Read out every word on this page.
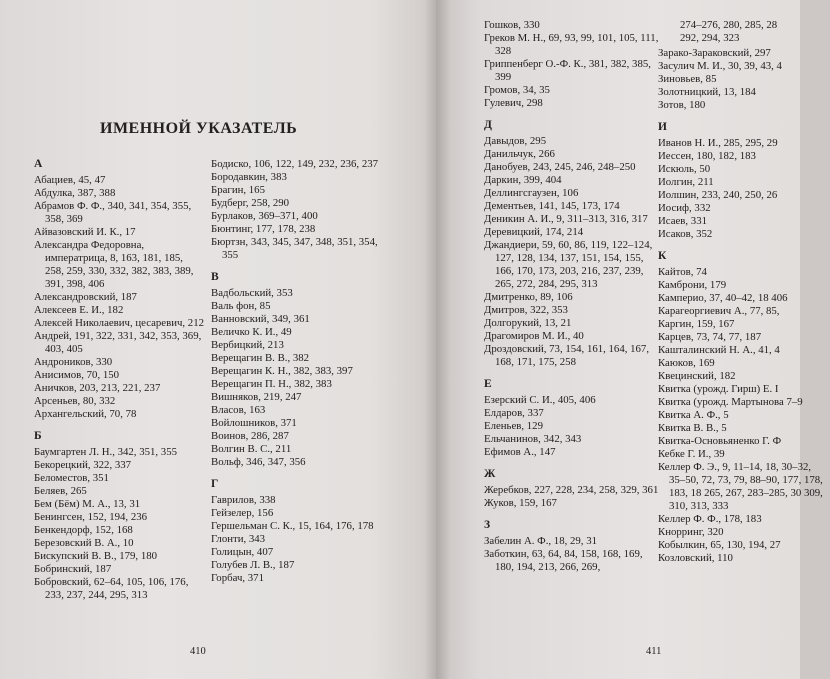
ИМЕННОЙ УКАЗАТЕЛЬ
А
Абациев, 45, 47
Абдулка, 387, 388
Абрамов Ф. Ф., 340, 341, 354, 355, 358, 369
Айвазовский И. К., 17
Александра Федоровна, императрица, 8, 163, 181, 185, 258, 259, 330, 332, 382, 383, 389, 391, 398, 406
Александровский, 187
Алексеев Е. И., 182
Алексей Николаевич, цесаревич, 212
Андрей, 191, 322, 331, 342, 353, 369, 403, 405
Андроников, 330
Анисимов, 70, 150
Аничков, 203, 213, 221, 237
Арсеньев, 80, 332
Архангельский, 70, 78
Б
Баумгартен Л. Н., 342, 351, 355
Бекорецкий, 322, 337
Беломестов, 351
Беляев, 265
Бем (Бём) М. А., 13, 31
Бенингсен, 152, 194, 236
Бенкендорф, 152, 168
Березовский В. А., 10
Бискупский В. В., 179, 180
Бобринский, 187
Бобровский, 62–64, 105, 106, 176, 233, 237, 244, 295, 313
Бодиско, 106, 122, 149, 232, 236, 237
Бородавкин, 383
Брагин, 165
Будберг, 258, 290
Бурлаков, 369–371, 400
Бюнтинг, 177, 178, 238
Бюртзн, 343, 345, 347, 348, 351, 354, 355
В
Вадбольский, 353
Валь фон, 85
Ванновский, 349, 361
Величко К. И., 49
Вербицкий, 213
Верещагин В. В., 382
Верещагин К. Н., 382, 383, 397
Верещагин П. Н., 382, 383
Вишняков, 219, 247
Власов, 163
Войлошников, 371
Воинов, 286, 287
Волгин В. С., 211
Вольф, 346, 347, 356
Г
Гаврилов, 338
Гейзелер, 156
Гершельман С. К., 15, 164, 176, 178
Глонти, 343
Голицын, 407
Голубев Л. В., 187
Горбач, 371
410
Гошков, 330
Греков М. Н., 69, 93, 99, 101, 105, 111, 328
Гриппенберг О.-Ф. К., 381, 382, 385, 399
Громов, 34, 35
Гулевич, 298
Д
Давыдов, 295
Данильчук, 266
Данобуев, 243, 245, 246, 248–250
Даркин, 399, 404
Деллингсгаузен, 106
Дементьев, 141, 145, 173, 174
Деникин А. И., 9, 311–313, 316, 317
Деревицкий, 174, 214
Джандиери, 59, 60, 86, 119, 122–124, 127, 128, 134, 137, 151, 154, 155, 166, 170, 173, 203, 216, 237, 239, 265, 272, 284, 295, 313
Дмитренко, 89, 106
Дмитров, 322, 353
Долгорукий, 13, 21
Драгомиров М. И., 40
Дроздовский, 73, 154, 161, 164, 167, 168, 171, 175, 258
Е
Езерский С. И., 405, 406
Елдаров, 337
Еленьев, 129
Ельчанинов, 342, 343
Ефимов А., 147
Ж
Жеребков, 227, 228, 234, 258, 329, 361
Жуков, 159, 167
З
Забелин А. Ф., 18, 29, 31
Заботкин, 63, 64, 84, 158, 168, 169, 180, 194, 213, 266, 269,
274–276, 280, 285, 28
292, 294, 323
Зарако-Зараковский, 297
Засулич М. И., 30, 39, 43, 4
Зиновьев, 85
Золотницкий, 13, 184
Зотов, 180
И
Иванов Н. И., 285, 295, 29
Иессен, 180, 182, 183
Искюль, 50
Иолгин, 211
Иолшин, 233, 240, 250, 26
Иосиф, 332
Исаев, 331
Исаков, 352
К
Кайтов, 74
Камброни, 179
Камперио, 37, 40–42, 18 406
Карагеоргиевич А., 77, 85,
Каргин, 159, 167
Карцев, 73, 74, 77, 187
Кашталинский Н. А., 41, 4
Каюков, 169
Квецинский, 182
Квитка (урожд. Гирш) Е. I
Квитка (урожд. Мартынова 7–9
Квитка А. Ф., 5
Квитка В. В., 5
Квитка-Основьяненко Г. Ф
Кебке Г. И., 39
Келлер Ф. Э., 9, 11–14, 18, 30–32, 35–50, 72, 73, 79, 88–90, 177, 178, 183, 18 265, 267, 283–285, 30 309, 310, 313, 333
Келлер Ф. Ф., 178, 183
Кнорринг, 320
Кобылкин, 65, 130, 194, 27
Козловский, 110
411
